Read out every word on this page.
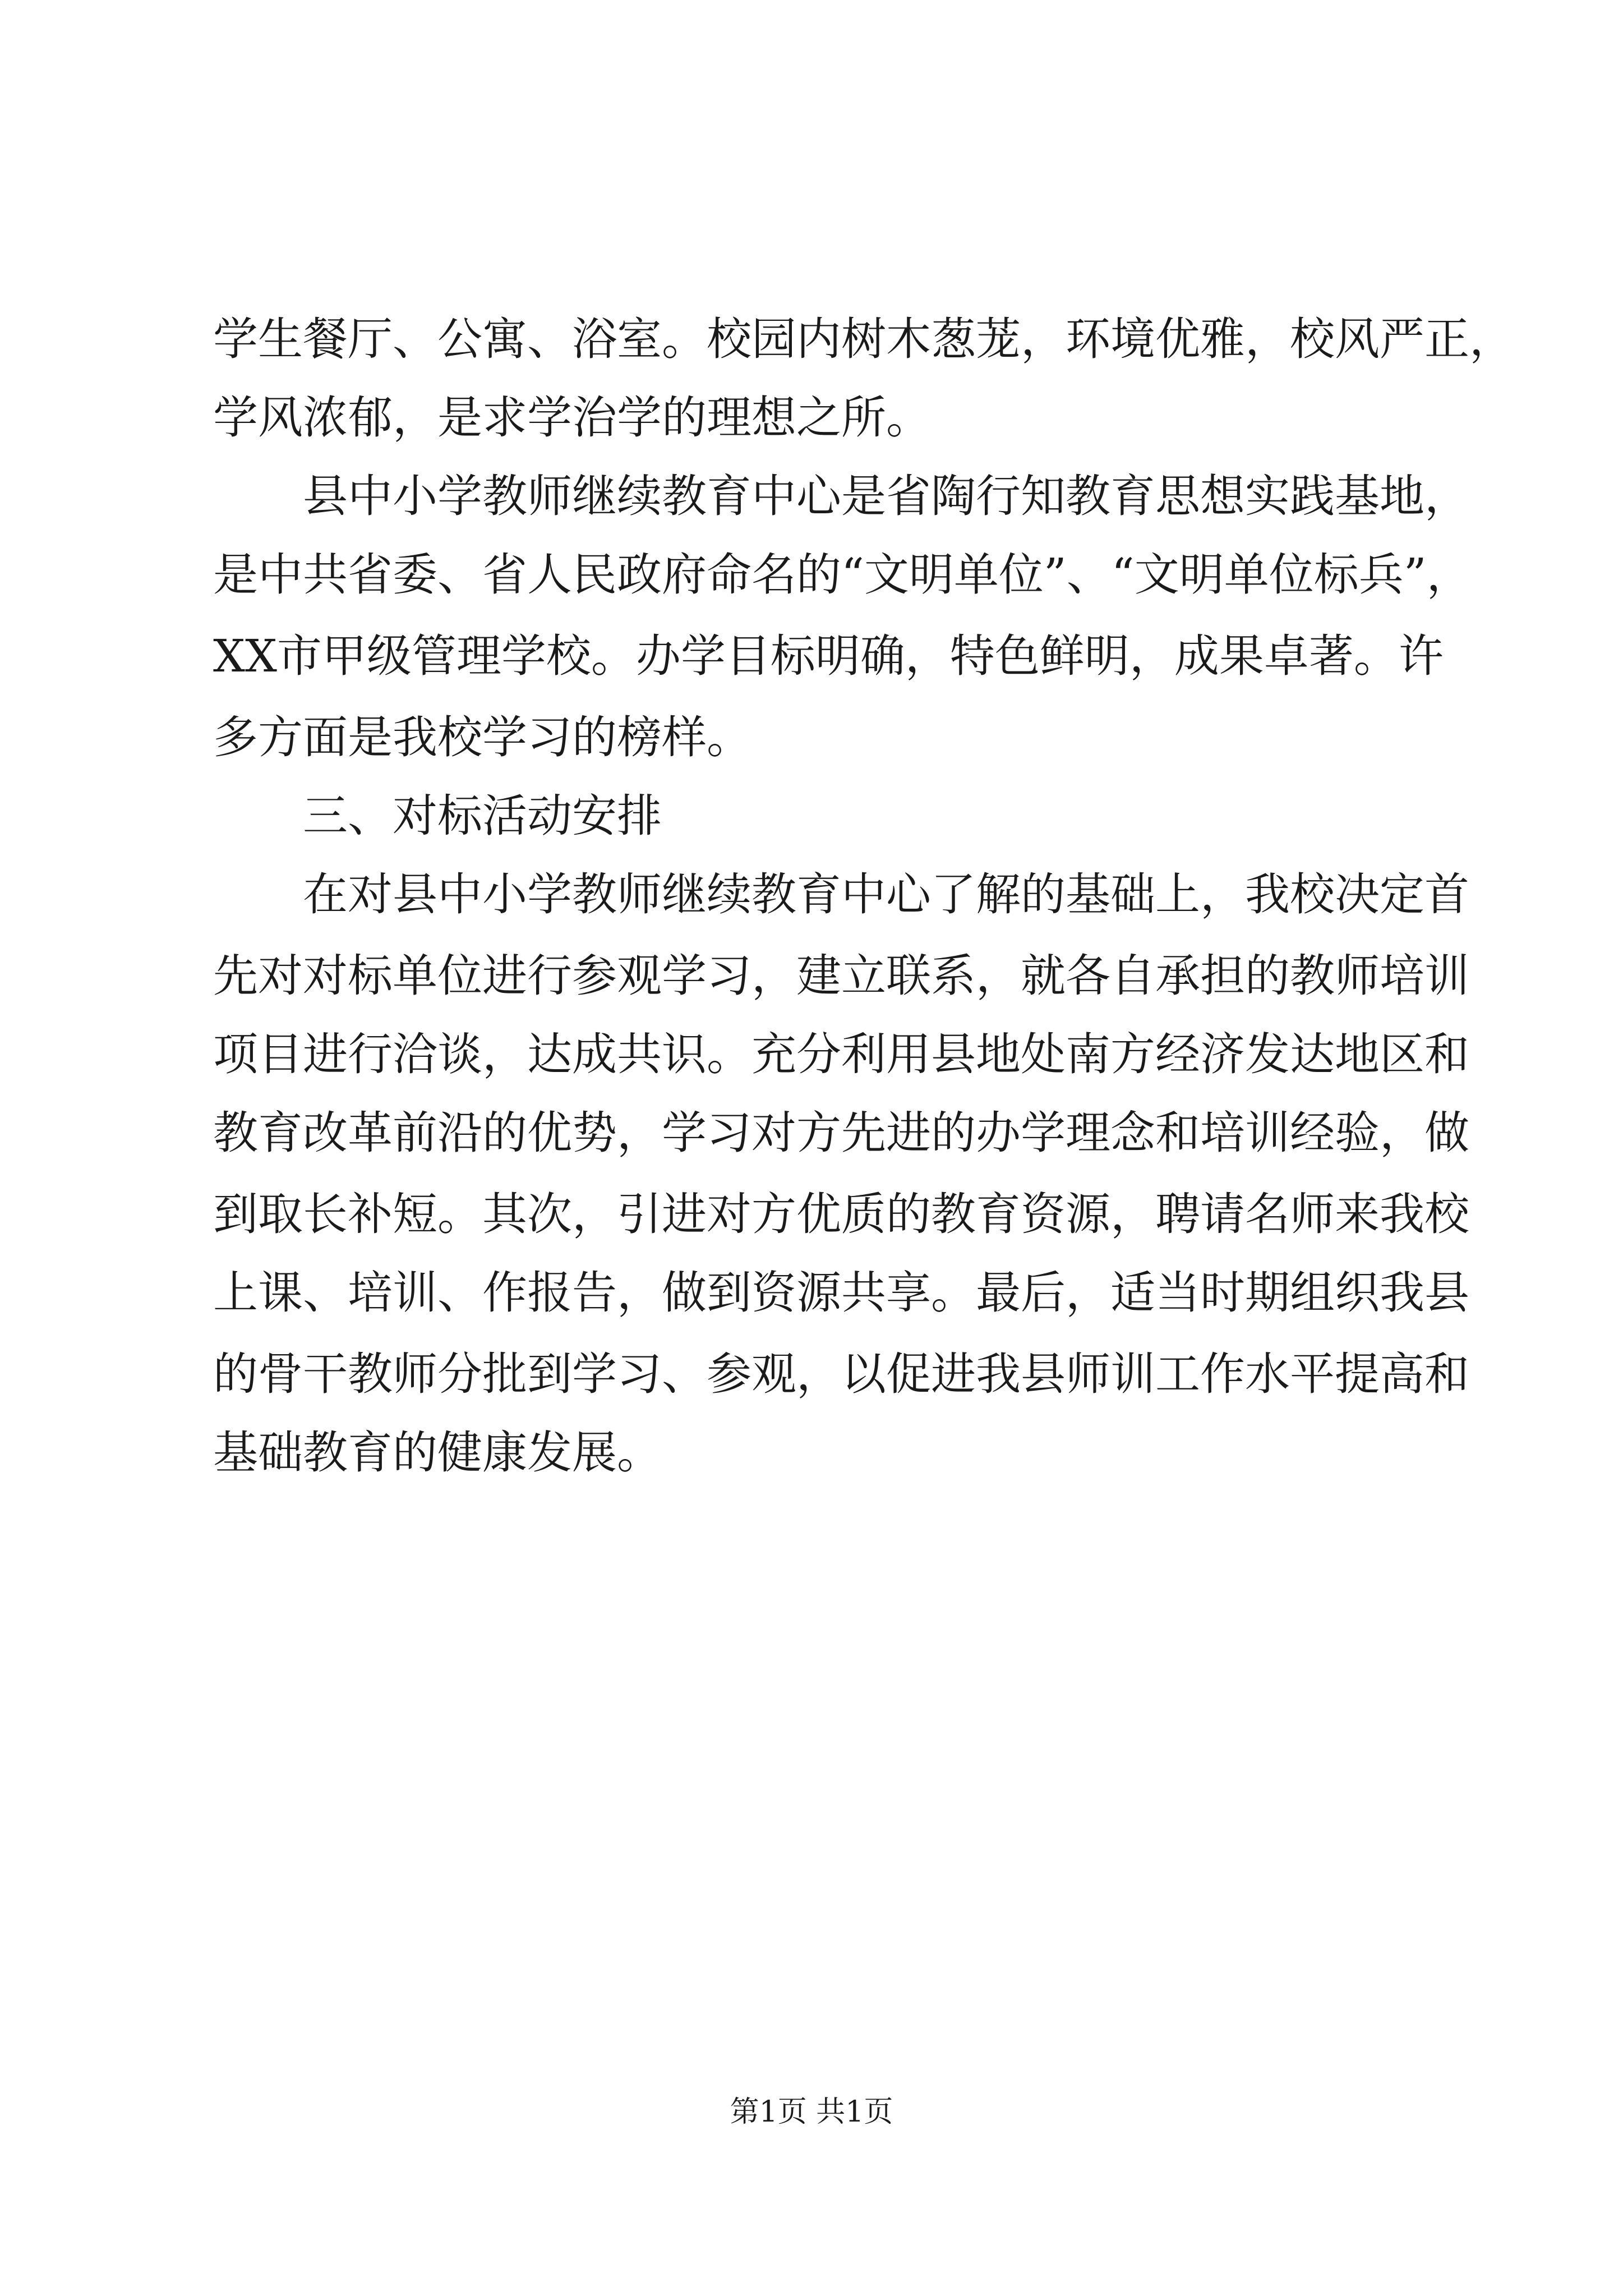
学生餐厅、公寓、浴室。校园内树木葱茏，环境优雅，校风严正，
学风浓郁，是求学治学的理想之所。
县中小学教师继续教育中心是省陶行知教育思想实践基地，
是中共省委、省人民政府命名的“文明单位”、“文明单位标兵”，
XX市甲级管理学校。办学目标明确，特色鲜明，成果卓著。许
多方面是我校学习的榜样。
三、对标活动安排
在对县中小学教师继续教育中心了解的基础上，我校决定首
先对对标单位进行参观学习，建立联系，就各自承担的教师培训
项目进行洽谈，达成共识。充分利用县地处南方经济发达地区和
教育改革前沿的优势，学习对方先进的办学理念和培训经验，做
到取长补短。其次，引进对方优质的教育资源，聘请名师来我校
上课、培训、作报告，做到资源共享。最后，适当时期组织我县
的骨干教师分批到学习、参观，以促进我县师训工作水平提高和
基础教育的健康发展。
第1页 共1页
